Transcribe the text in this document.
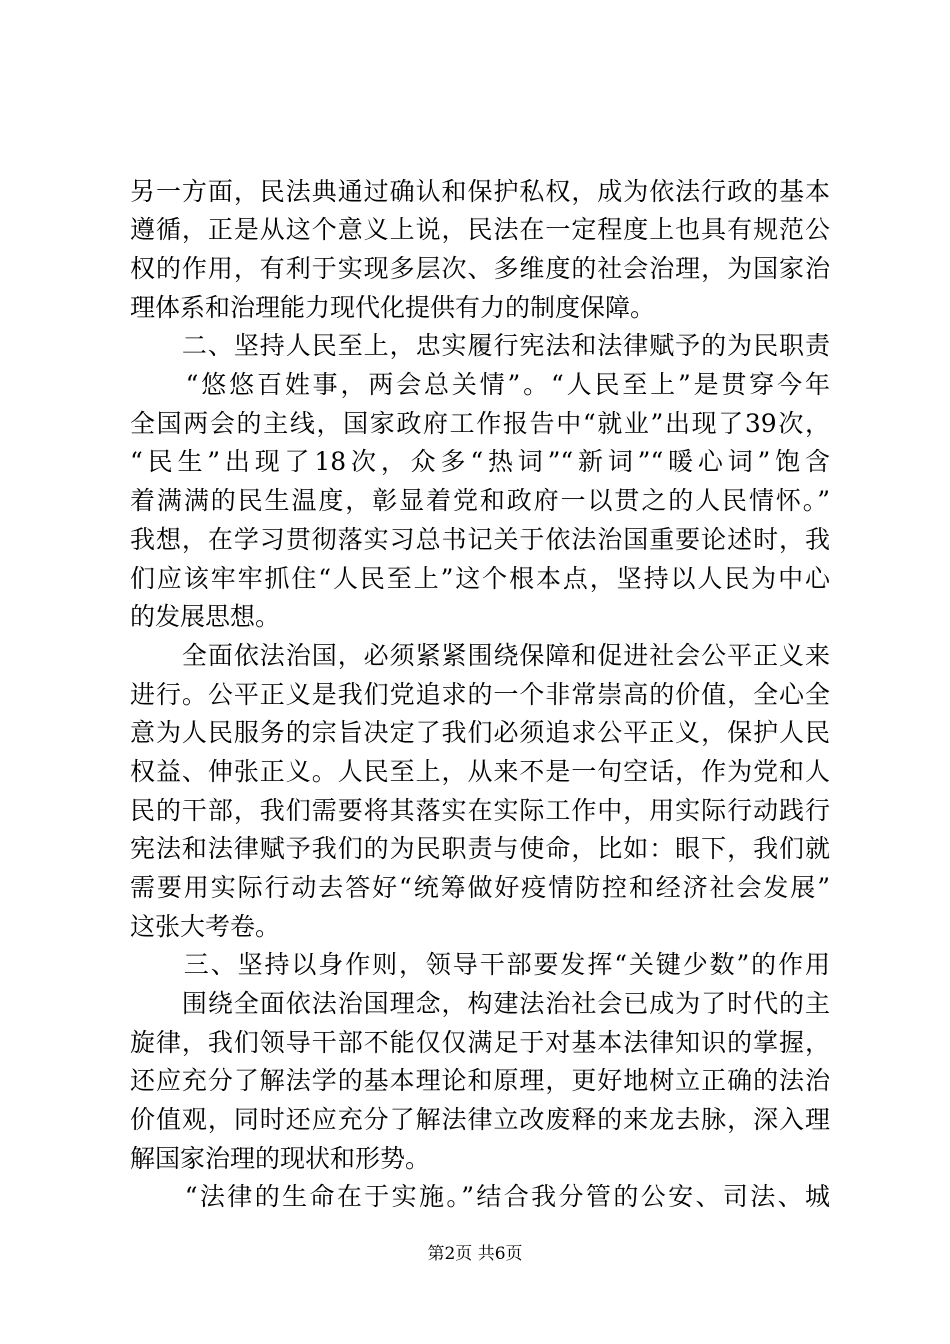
另一方面，民法典通过确认和保护私权，成为依法行政的基本
遵循，正是从这个意义上说，民法在一定程度上也具有规范公
权的作用，有利于实现多层次、多维度的社会治理，为国家治
理体系和治理能力现代化提供有力的制度保障。
　　二、坚持人民至上，忠实履行宪法和法律赋予的为民职责
　　“悠悠百姓事，两会总关情”。“人民至上”是贯穿今年
全国两会的主线，国家政府工作报告中“就业”出现了39次，
“民生”出现了18次，众多“热词”“新词”“暖心词”饱含
着满满的民生温度，彰显着党和政府一以贯之的人民情怀。”
我想，在学习贯彻落实习总书记关于依法治国重要论述时，我
们应该牢牢抓住“人民至上”这个根本点，坚持以人民为中心
的发展思想。
　　全面依法治国，必须紧紧围绕保障和促进社会公平正义来
进行。公平正义是我们党追求的一个非常崇高的价值，全心全
意为人民服务的宗旨决定了我们必须追求公平正义，保护人民
权益、伸张正义。人民至上，从来不是一句空话，作为党和人
民的干部，我们需要将其落实在实际工作中，用实际行动践行
宪法和法律赋予我们的为民职责与使命，比如：眼下，我们就
需要用实际行动去答好“统筹做好疫情防控和经济社会发展”
这张大考卷。
　　三、坚持以身作则，领导干部要发挥“关键少数”的作用
　　围绕全面依法治国理念，构建法治社会已成为了时代的主
旋律，我们领导干部不能仅仅满足于对基本法律知识的掌握，
还应充分了解法学的基本理论和原理，更好地树立正确的法治
价值观，同时还应充分了解法律立改废释的来龙去脉，深入理
解国家治理的现状和形势。
　　“法律的生命在于实施。”结合我分管的公安、司法、城
第2页 共6页
